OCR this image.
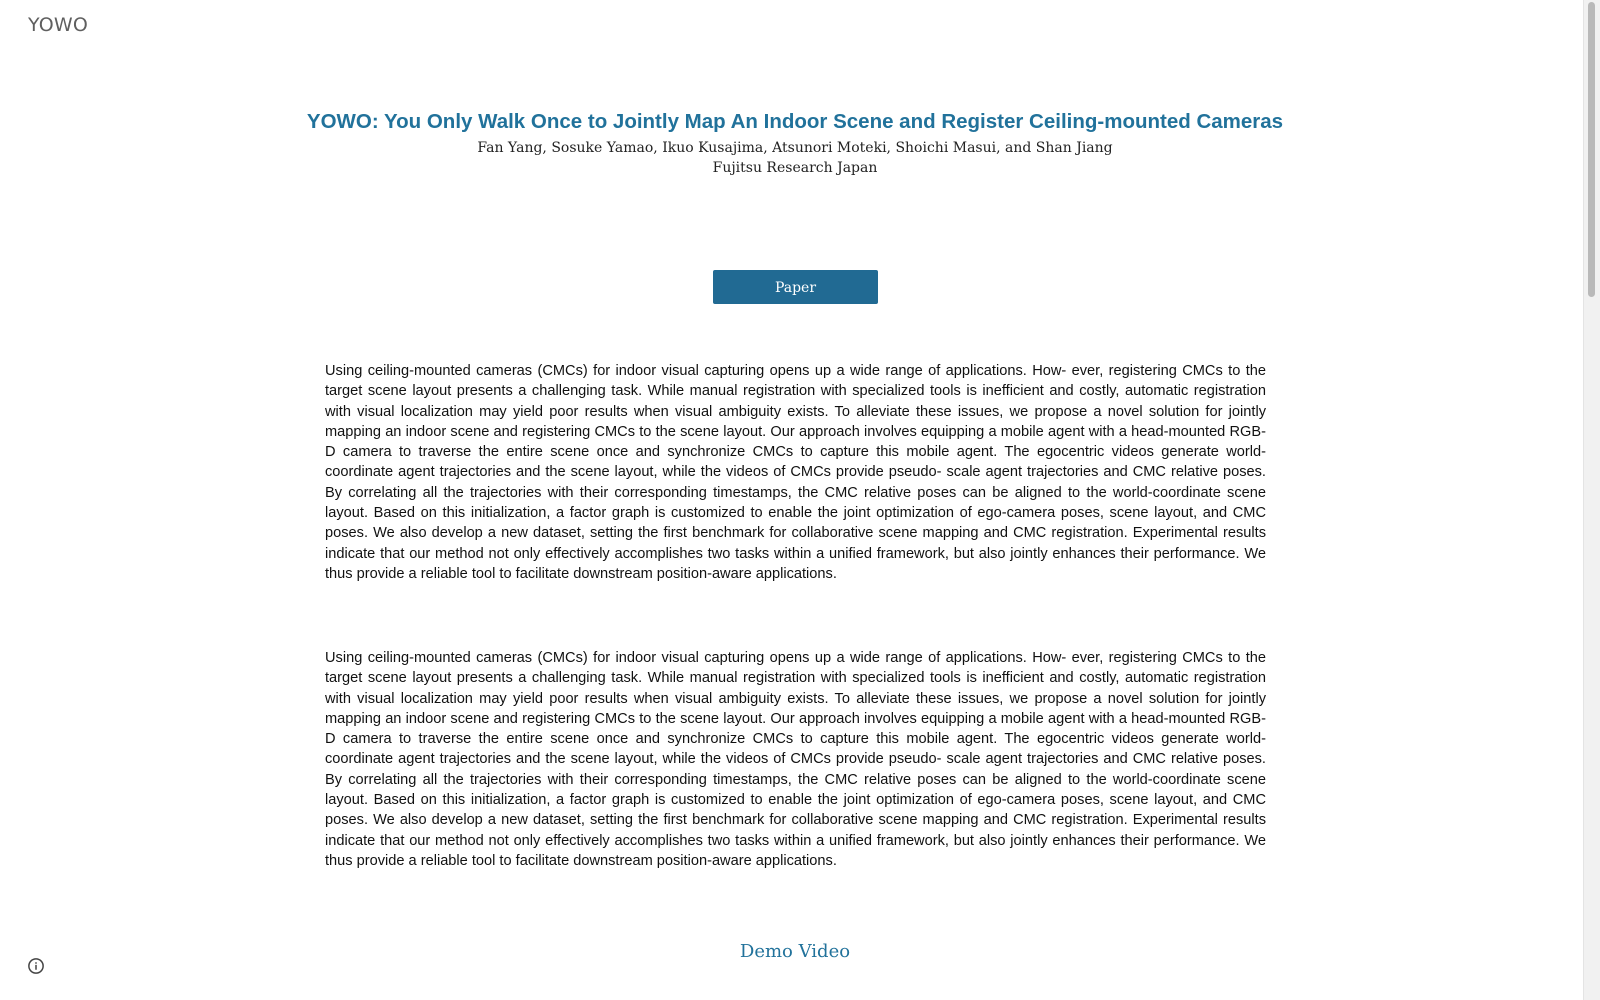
YOWO
YOWO: You Only Walk Once to Jointly Map An Indoor Scene and Register Ceiling-mounted Cameras
Fan Yang, Sosuke Yamao, Ikuo Kusajima, Atsunori Moteki, Shoichi Masui, and Shan Jiang
Fujitsu Research Japan
Paper

Using ceiling-mounted cameras (CMCs) for indoor visual capturing opens up a wide range of applications. How- ever, registering CMCs to the target scene layout presents a challenging task. While manual registration with specialized tools is inefficient and costly, automatic registration with visual localization may yield poor results when visual ambiguity exists. To alleviate these issues, we propose a novel solution for jointly mapping an indoor scene and registering CMCs to the scene layout. Our approach involves equipping a mobile agent with a head-mounted RGB-D camera to traverse the entire scene once and synchronize CMCs to capture this mobile agent. The egocentric videos generate world-coordinate agent trajectories and the scene layout, while the videos of CMCs provide pseudo- scale agent trajectories and CMC relative poses. By correlating all the trajectories with their corresponding timestamps, the CMC relative poses can be aligned to the world-coordinate scene layout. Based on this initialization, a factor graph is customized to enable the joint optimization of ego-camera poses, scene layout, and CMC poses. We also develop a new dataset, setting the first benchmark for collaborative scene mapping and CMC registration. Experimental results indicate that our method not only effectively accomplishes two tasks within a unified framework, but also jointly enhances their performance. We thus provide a reliable tool to facilitate downstream position-aware applications.

Using ceiling-mounted cameras (CMCs) for indoor visual capturing opens up a wide range of applications. How- ever, registering CMCs to the target scene layout presents a challenging task. While manual registration with specialized tools is inefficient and costly, automatic registration with visual localization may yield poor results when visual ambiguity exists. To alleviate these issues, we propose a novel solution for jointly mapping an indoor scene and registering CMCs to the scene layout. Our approach involves equipping a mobile agent with a head-mounted RGB-D camera to traverse the entire scene once and synchronize CMCs to capture this mobile agent. The egocentric videos generate world-coordinate agent trajectories and the scene layout, while the videos of CMCs provide pseudo- scale agent trajectories and CMC relative poses. By correlating all the trajectories with their corresponding timestamps, the CMC relative poses can be aligned to the world-coordinate scene layout. Based on this initialization, a factor graph is customized to enable the joint optimization of ego-camera poses, scene layout, and CMC poses. We also develop a new dataset, setting the first benchmark for collaborative scene mapping and CMC registration. Experimental results indicate that our method not only effectively accomplishes two tasks within a unified framework, but also jointly enhances their performance. We thus provide a reliable tool to facilitate downstream position-aware applications.

Demo Video
